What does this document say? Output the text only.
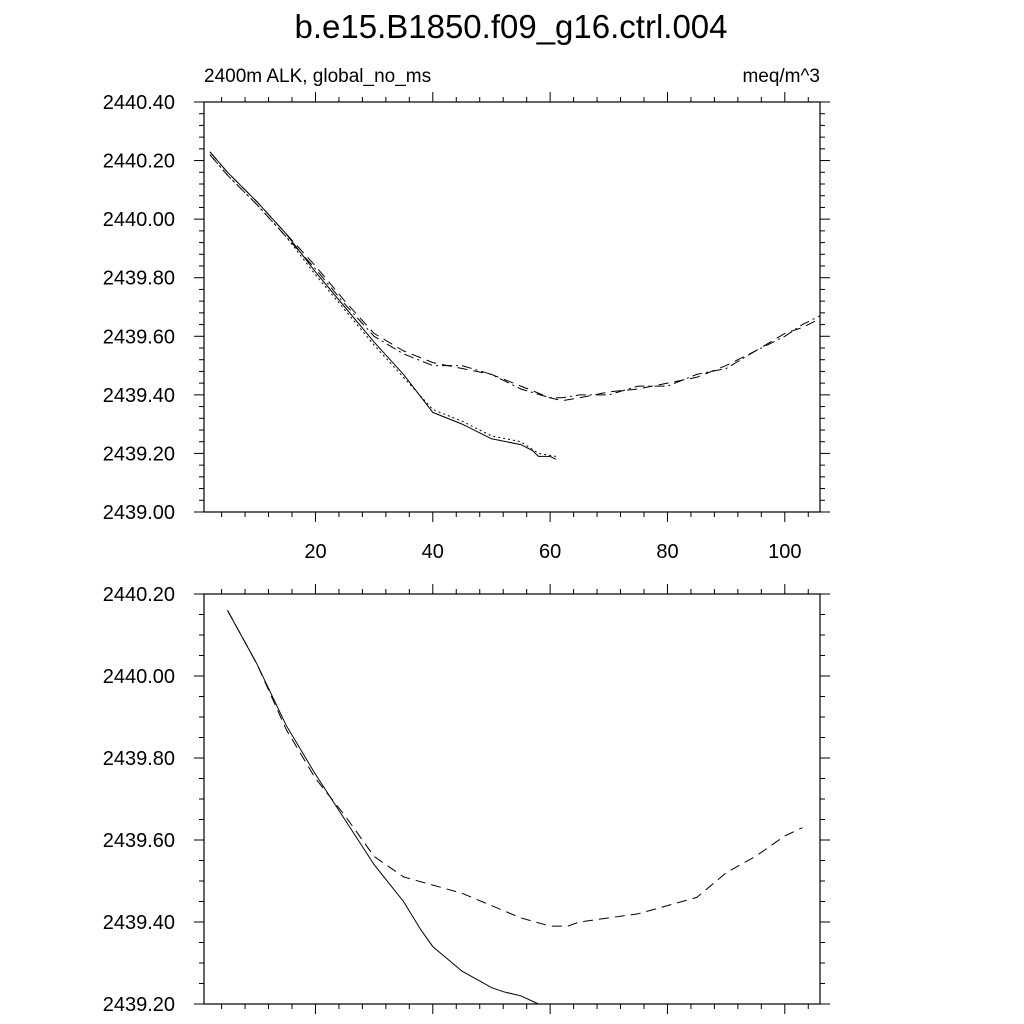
b.e15.B1850.f09_g16.ctrl.004
2400m ALK, global_no_ms	meq/m^3
2439.00
2439.20
2439.40
2439.60
2439.80
2440.00
2440.20
2440.40
20	40	60	80	100
2439.20
2439.40
2439.60
2439.80
2440.00
2440.20
